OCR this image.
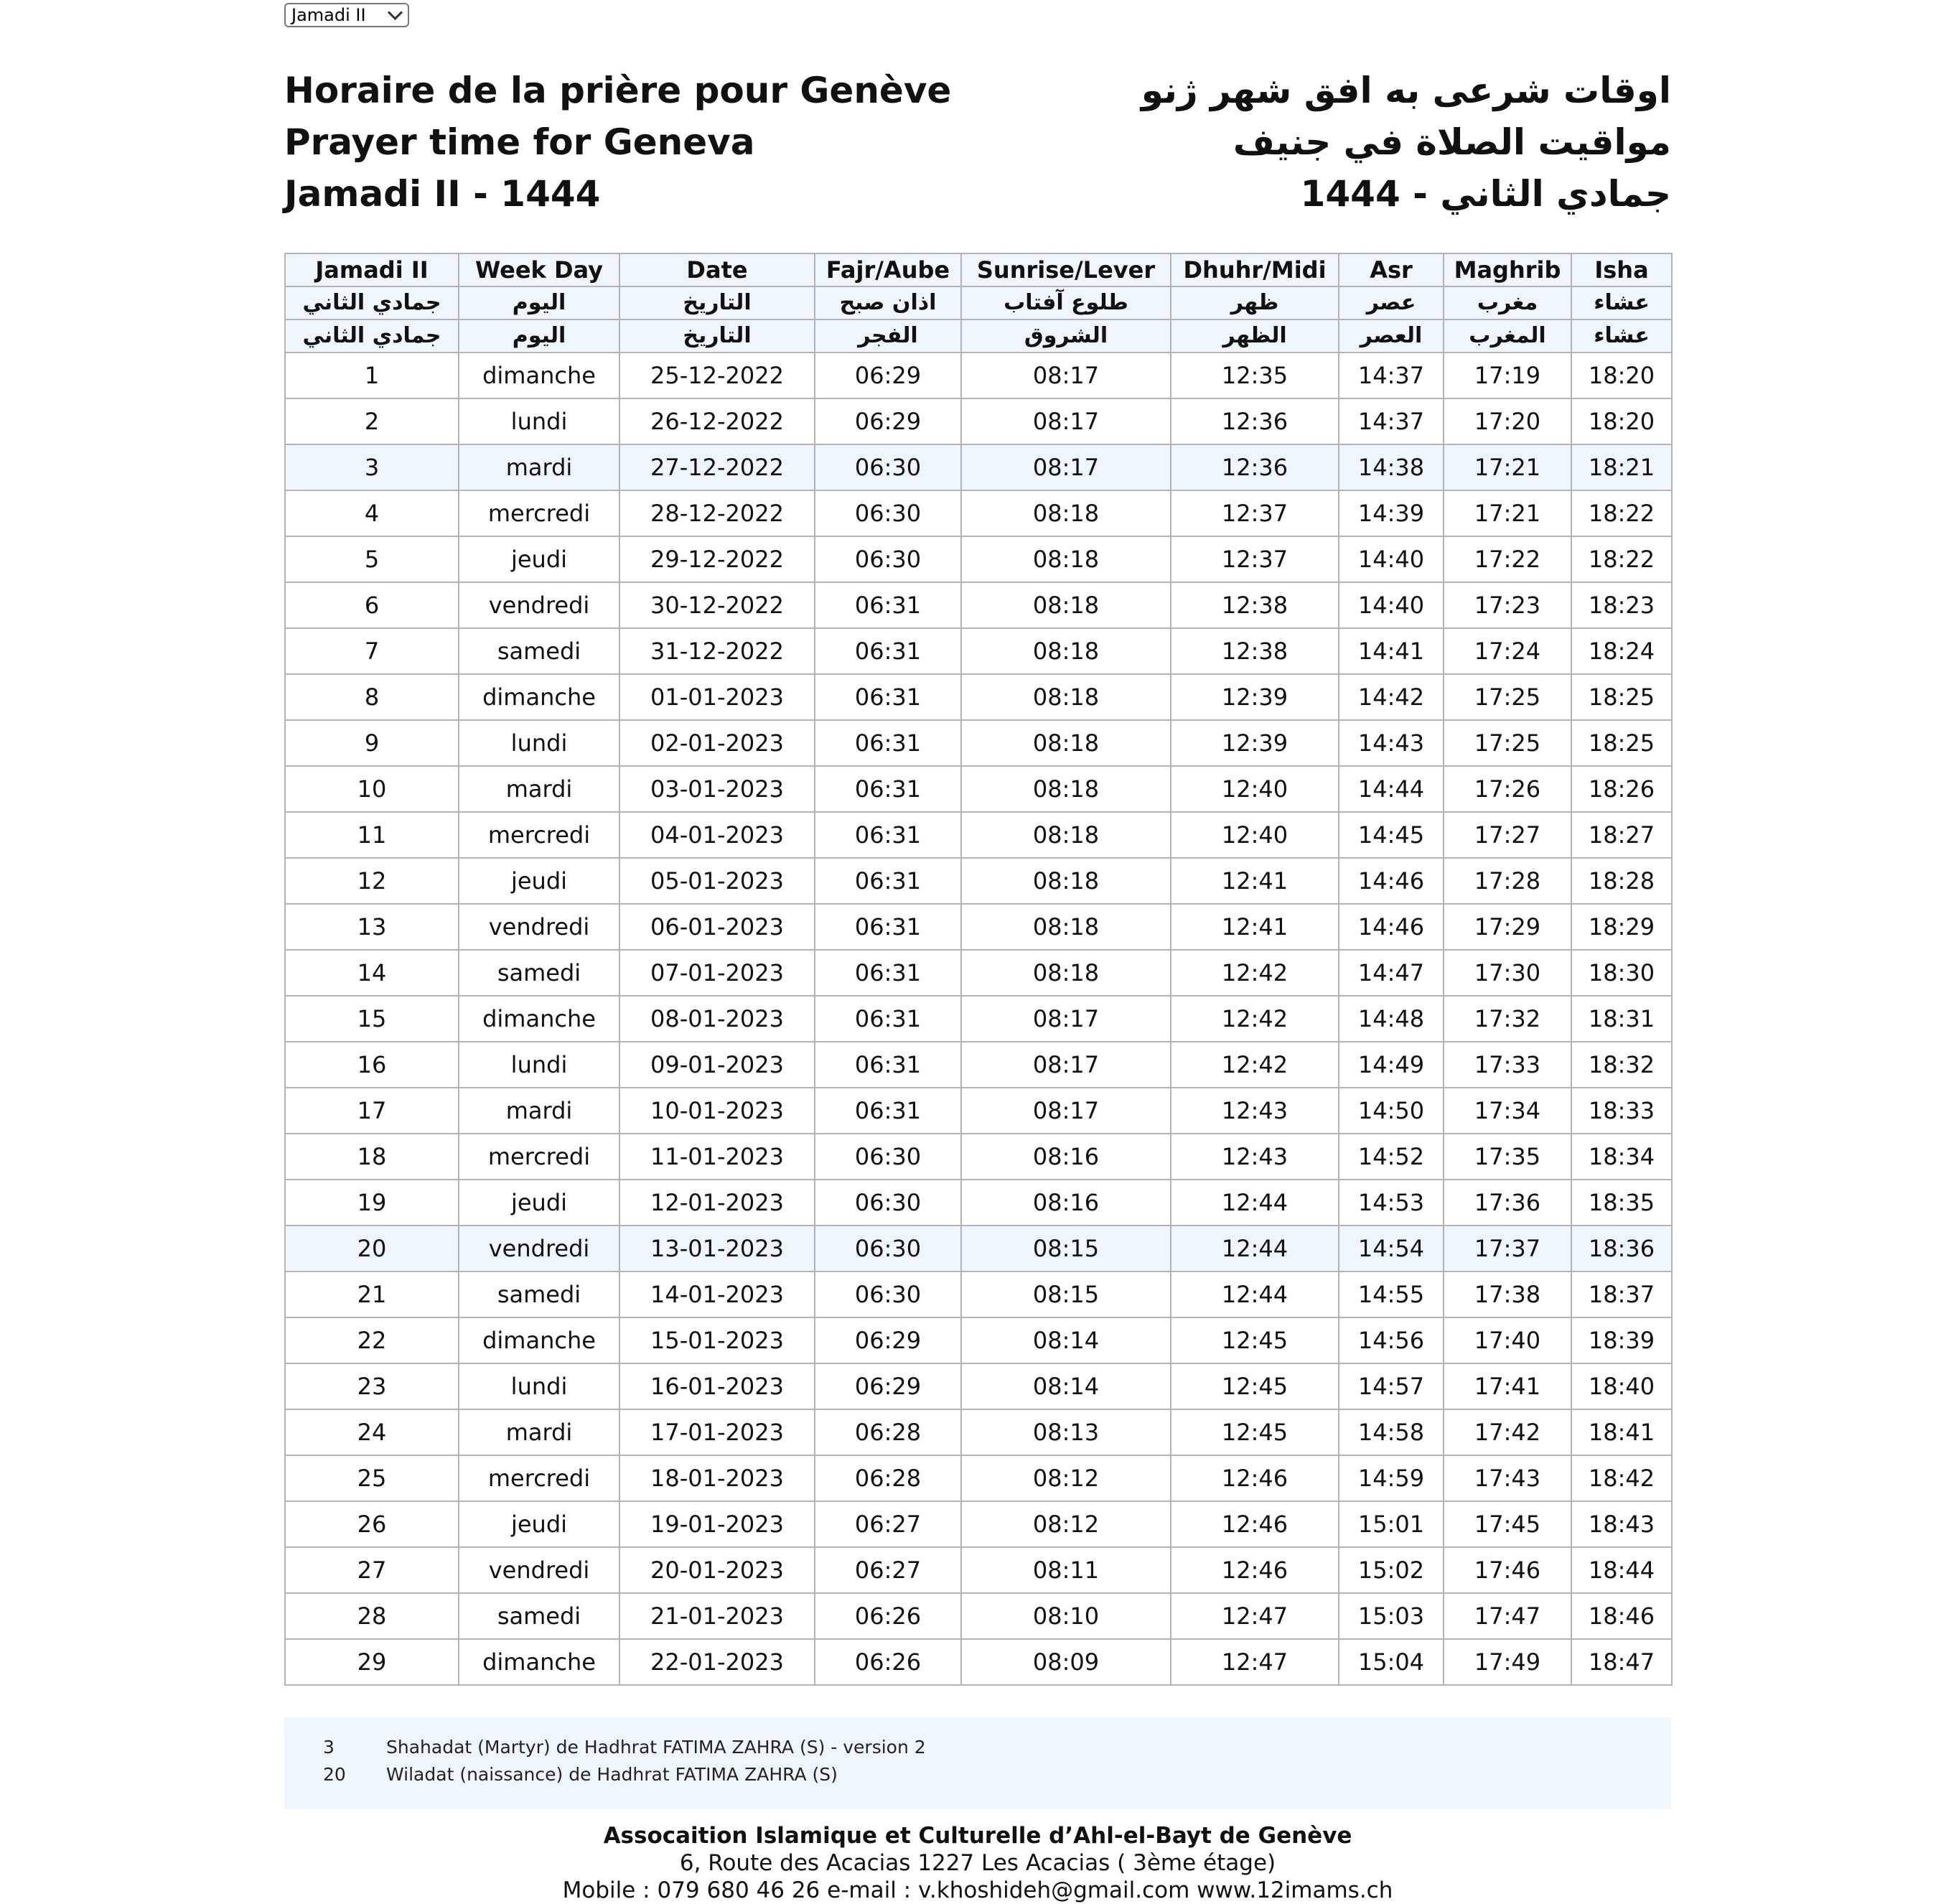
Jamadi II
Horaire de la prière pour Genève
Prayer time for Geneva
Jamadi II - 1444
اوقات شرعی به افق شهر ژنو
مواقيت الصلاة في جنيف
جمادي الثاني - 1444
Jamadi II	Week Day	Date	Fajr/Aube	Sunrise/Lever	Dhuhr/Midi	Asr	Maghrib	Isha
جمادي الثاني	اليوم	التاريخ	اذان صبح	طلوع آفتاب	ظهر	عصر	مغرب	عشاء
جمادي الثاني	اليوم	التاريخ	الفجر	الشروق	الظهر	العصر	المغرب	عشاء
1	dimanche	25-12-2022	06:29	08:17	12:35	14:37	17:19	18:20
2	lundi	26-12-2022	06:29	08:17	12:36	14:37	17:20	18:20
3	mardi	27-12-2022	06:30	08:17	12:36	14:38	17:21	18:21
4	mercredi	28-12-2022	06:30	08:18	12:37	14:39	17:21	18:22
5	jeudi	29-12-2022	06:30	08:18	12:37	14:40	17:22	18:22
6	vendredi	30-12-2022	06:31	08:18	12:38	14:40	17:23	18:23
7	samedi	31-12-2022	06:31	08:18	12:38	14:41	17:24	18:24
8	dimanche	01-01-2023	06:31	08:18	12:39	14:42	17:25	18:25
9	lundi	02-01-2023	06:31	08:18	12:39	14:43	17:25	18:25
10	mardi	03-01-2023	06:31	08:18	12:40	14:44	17:26	18:26
11	mercredi	04-01-2023	06:31	08:18	12:40	14:45	17:27	18:27
12	jeudi	05-01-2023	06:31	08:18	12:41	14:46	17:28	18:28
13	vendredi	06-01-2023	06:31	08:18	12:41	14:46	17:29	18:29
14	samedi	07-01-2023	06:31	08:18	12:42	14:47	17:30	18:30
15	dimanche	08-01-2023	06:31	08:17	12:42	14:48	17:32	18:31
16	lundi	09-01-2023	06:31	08:17	12:42	14:49	17:33	18:32
17	mardi	10-01-2023	06:31	08:17	12:43	14:50	17:34	18:33
18	mercredi	11-01-2023	06:30	08:16	12:43	14:52	17:35	18:34
19	jeudi	12-01-2023	06:30	08:16	12:44	14:53	17:36	18:35
20	vendredi	13-01-2023	06:30	08:15	12:44	14:54	17:37	18:36
21	samedi	14-01-2023	06:30	08:15	12:44	14:55	17:38	18:37
22	dimanche	15-01-2023	06:29	08:14	12:45	14:56	17:40	18:39
23	lundi	16-01-2023	06:29	08:14	12:45	14:57	17:41	18:40
24	mardi	17-01-2023	06:28	08:13	12:45	14:58	17:42	18:41
25	mercredi	18-01-2023	06:28	08:12	12:46	14:59	17:43	18:42
26	jeudi	19-01-2023	06:27	08:12	12:46	15:01	17:45	18:43
27	vendredi	20-01-2023	06:27	08:11	12:46	15:02	17:46	18:44
28	samedi	21-01-2023	06:26	08:10	12:47	15:03	17:47	18:46
29	dimanche	22-01-2023	06:26	08:09	12:47	15:04	17:49	18:47
3	Shahadat (Martyr) de Hadhrat FATIMA ZAHRA (S) - version 2
20 Wiladat (naissance) de Hadhrat FATIMA ZAHRA (S)
Assocaition Islamique et Culturelle d’Ahl-el-Bayt de Genève
6, Route des Acacias 1227 Les Acacias ( 3ème étage)
Mobile : 079 680 46 26 e-mail : v.khoshideh@gmail.com www.12imams.ch
